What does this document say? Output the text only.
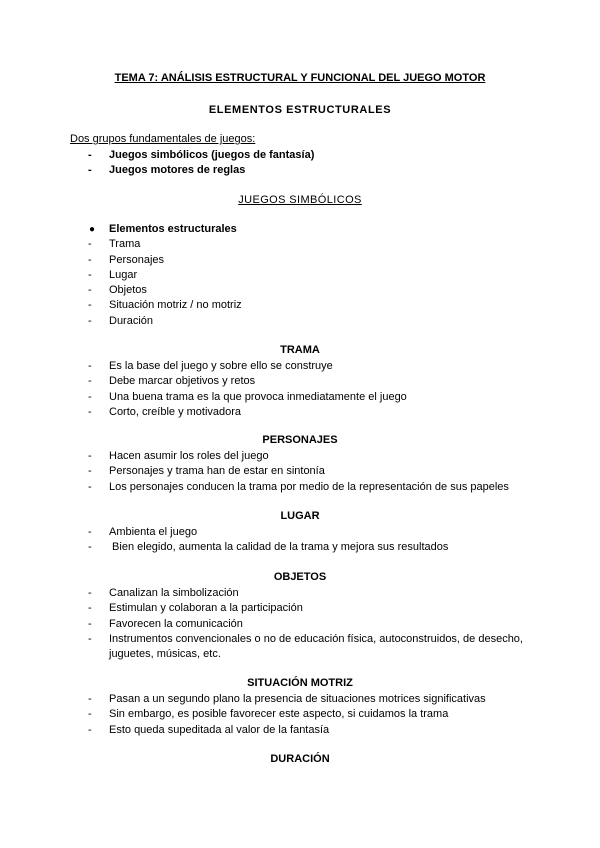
TEMA 7: ANÁLISIS ESTRUCTURAL Y FUNCIONAL DEL JUEGO MOTOR
ELEMENTOS ESTRUCTURALES
Dos grupos fundamentales de juegos:
- Juegos simbólicos (juegos de fantasía)
- Juegos motores de reglas
JUEGOS SIMBÓLICOS
● Elementos estructurales
- Trama
- Personajes
- Lugar
- Objetos
- Situación motriz / no motriz
- Duración
TRAMA
- Es la base del juego y sobre ello se construye
- Debe marcar objetivos y retos
- Una buena trama es la que provoca inmediatamente el juego
- Corto, creíble y motivadora
PERSONAJES
- Hacen asumir los roles del juego
- Personajes y trama han de estar en sintonía
- Los personajes conducen la trama por medio de la representación de sus papeles
LUGAR
- Ambienta el juego
- Bien elegido, aumenta la calidad de la trama y mejora sus resultados
OBJETOS
- Canalizan la simbolización
- Estimulan y colaboran a la participación
- Favorecen la comunicación
- Instrumentos convencionales o no de educación física, autoconstruidos, de desecho, juguetes, músicas, etc.
SITUACIÓN MOTRIZ
- Pasan a un segundo plano la presencia de situaciones motrices significativas
- Sin embargo, es posible favorecer este aspecto, si cuidamos la trama
- Esto queda supeditada al valor de la fantasía
DURACIÓN
